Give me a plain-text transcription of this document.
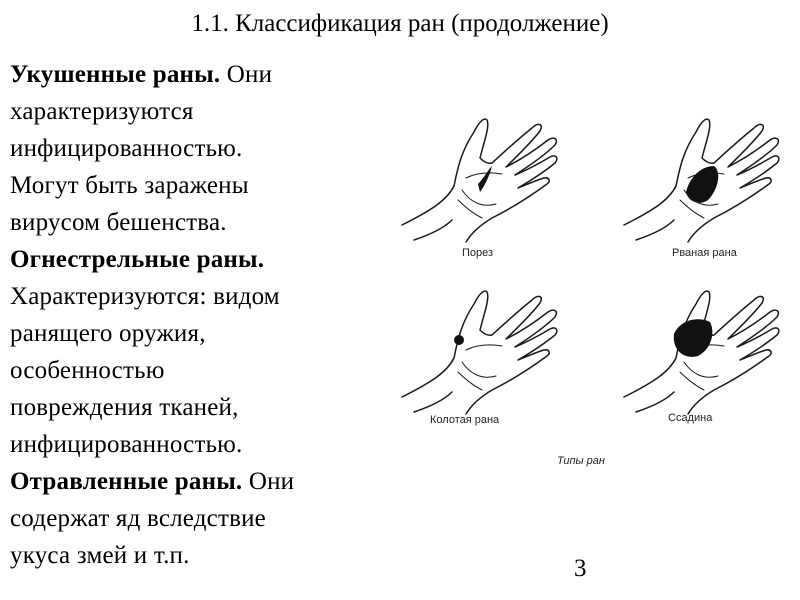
1.1. Классификация ран (продолжение)
Укушенные раны. Они
характеризуются
инфицированностью.
Могут быть заражены
вирусом бешенства.
Огнестрельные раны.
Характеризуются: видом
ранящего оружия,
особенностью
повреждения тканей,
инфицированностью.
Отравленные раны. Они
содержат яд вследствие
укуса змей и т.п.
Порез	Рваная рана
Колотая рана	Ссадина
Типы ран
3
